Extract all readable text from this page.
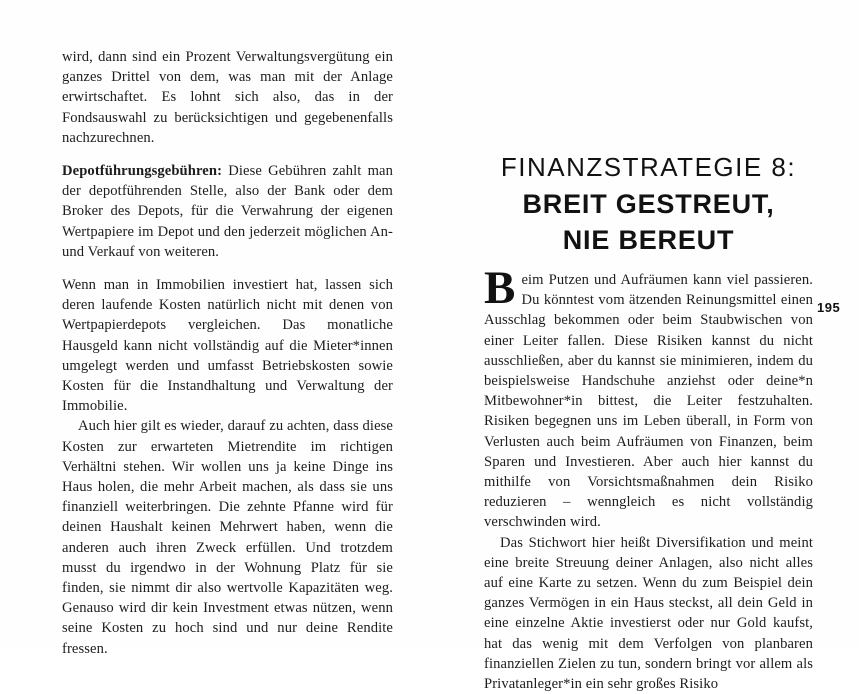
wird, dann sind ein Prozent Verwaltungsvergütung ein ganzes Drittel von dem, was man mit der Anlage erwirtschaftet. Es lohnt sich also, das in der Fondsauswahl zu berücksichtigen und gegebenenfalls nachzurechnen.

Depotführungsgebühren: Diese Gebühren zahlt man der depotführenden Stelle, also der Bank oder dem Broker des Depots, für die Verwahrung der eigenen Wertpapiere im Depot und den jederzeit möglichen An- und Verkauf von weiteren.

Wenn man in Immobilien investiert hat, lassen sich deren laufende Kosten natürlich nicht mit denen von Wertpapierdepots vergleichen. Das monatliche Hausgeld kann nicht vollständig auf die Mieter*innen umgelegt werden und umfasst Betriebskosten sowie Kosten für die Instandhaltung und Verwaltung der Immobilie.

Auch hier gilt es wieder, darauf zu achten, dass diese Kosten zur erwarteten Mietrendite im richtigen Verhältni stehen. Wir wollen uns ja keine Dinge ins Haus holen, die mehr Arbeit machen, als dass sie uns finanziell weiterbringen. Die zehnte Pfanne wird für deinen Haushalt keinen Mehrwert haben, wenn die anderen auch ihren Zweck erfüllen. Und trotzdem musst du irgendwo in der Wohnung Platz für sie finden, sie nimmt dir also wertvolle Kapazitäten weg. Genauso wird dir kein Investment etwas nützen, wenn seine Kosten zu hoch sind und nur deine Rendite fressen.

FINANZSTRATEGIE 8:
BREIT GESTREUT,
NIE BEREUT

Beim Putzen und Aufräumen kann viel passieren. Du könntest vom ätzenden Reinungsmittel einen Ausschlag bekommen oder beim Staubwischen von einer Leiter fallen. Diese Risiken kannst du nicht ausschließen, aber du kannst sie minimieren, indem du beispielsweise Handschuhe anziehst oder deine*n Mitbewohner*in bittest, die Leiter festzuhalten. Risiken begegnen uns im Leben überall, in Form von Verlusten auch beim Aufräumen von Finanzen, beim Sparen und Investieren. Aber auch hier kannst du mithilfe von Vorsichtsmaßnahmen dein Risiko reduzieren – wenngleich es nicht vollständig verschwinden wird.

Das Stichwort hier heißt Diversifikation und meint eine breite Streuung deiner Anlagen, also nicht alles auf eine Karte zu setzen. Wenn du zum Beispiel dein ganzes Vermögen in ein Haus steckst, all dein Geld in eine einzelne Aktie investierst oder nur Gold kaufst, hat das wenig mit dem Verfolgen von planbaren finanziellen Zielen zu tun, sondern bringt vor allem als Privatanleger*in ein sehr großes Risiko

195
